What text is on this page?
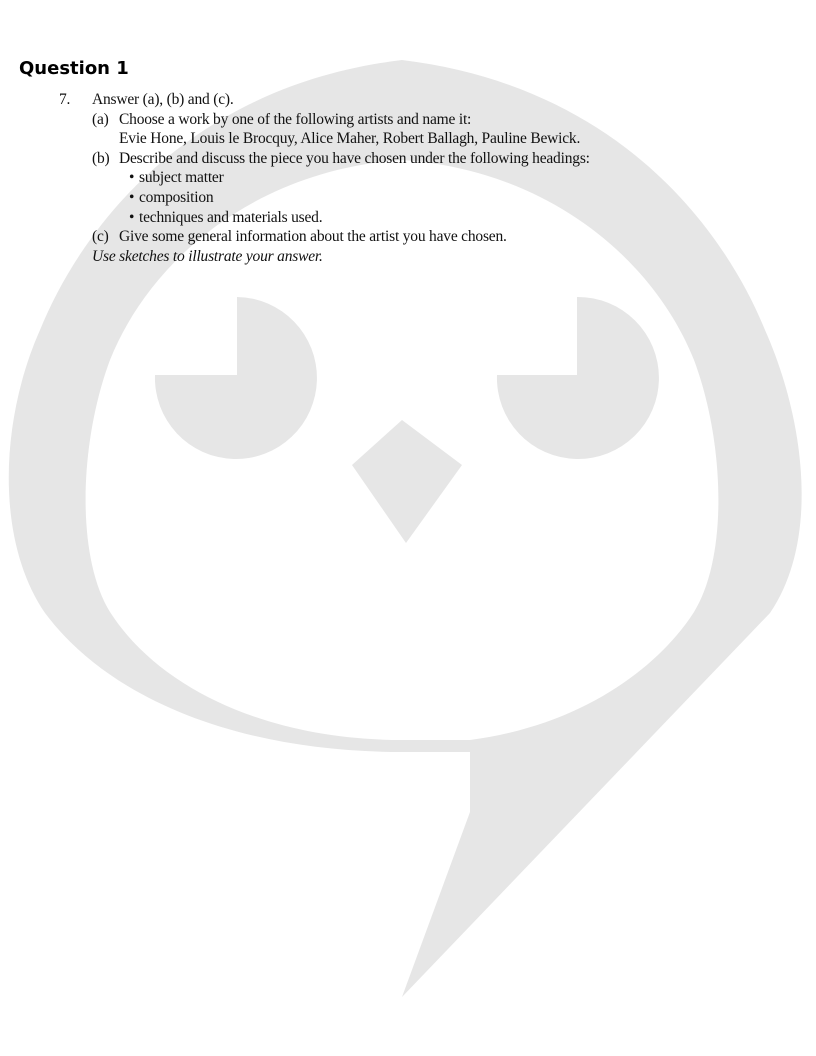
Question 1
7. Answer (a), (b) and (c).
(a) Choose a work by one of the following artists and name it:
Evie Hone, Louis le Brocquy, Alice Maher, Robert Ballagh, Pauline Bewick.
(b) Describe and discuss the piece you have chosen under the following headings:
• subject matter
• composition
• techniques and materials used.
(c) Give some general information about the artist you have chosen.
Use sketches to illustrate your answer.
